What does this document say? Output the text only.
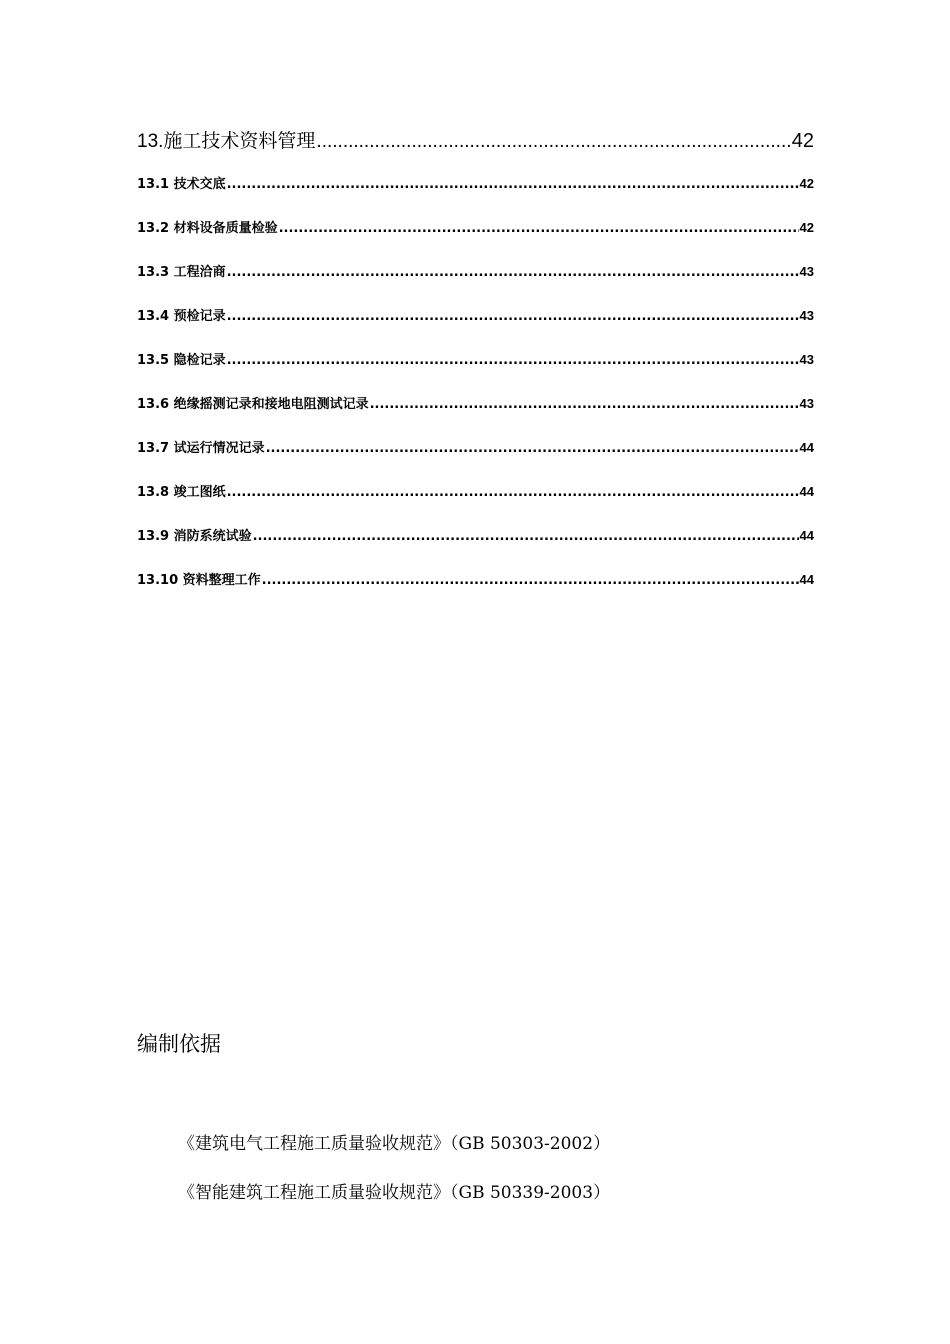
13.施工技术资料管理 .....	42
13.1 技术交底 .....	42
13.2 材料设备质量检验 .....	42
13.3 工程洽商 .....	43
13.4 预检记录 .....	43
13.5 隐检记录 .....	43
13.6 绝缘摇测记录和接地电阻测试记录 .....	43
13.7 试运行情况记录 .....	44
13.8 竣工图纸 .....	44
13.9 消防系统试验 .....	44
13.10 资料整理工作 .....	44
编制依据
《建筑电气工程施工质量验收规范》（GB 50303-2002）
《智能建筑工程施工质量验收规范》（GB 50339-2003）
